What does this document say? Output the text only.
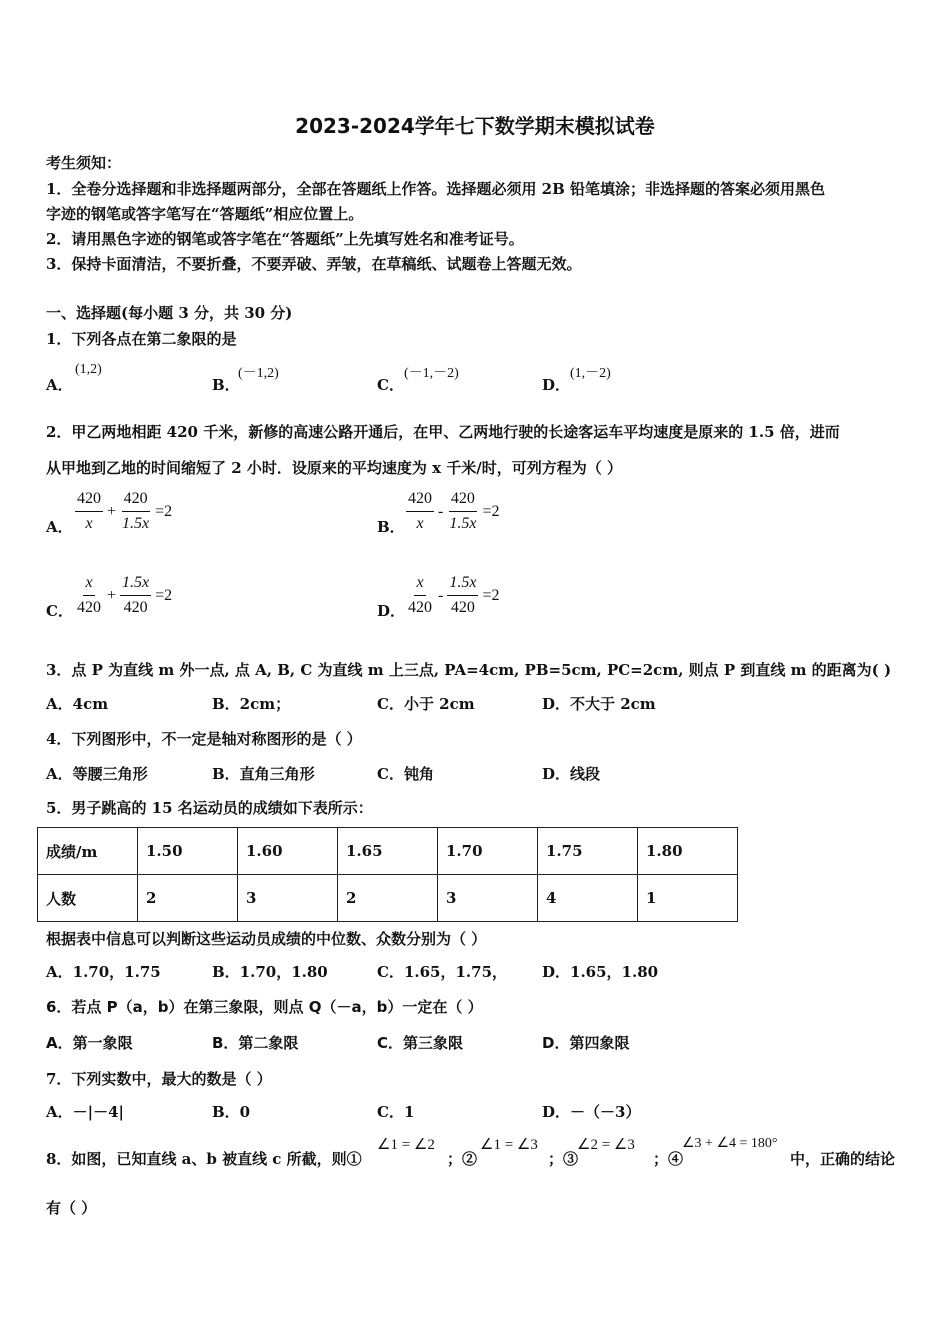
2023-2024学年七下数学期末模拟试卷
考生须知：
1．全卷分选择题和非选择题两部分，全部在答题纸上作答。选择题必须用 2B 铅笔填涂；非选择题的答案必须用黑色
字迹的钢笔或答字笔写在“答题纸”相应位置上。
2．请用黑色字迹的钢笔或答字笔在“答题纸”上先填写姓名和准考证号。
3．保持卡面清洁，不要折叠，不要弄破、弄皱，在草稿纸、试题卷上答题无效。
一、选择题(每小题 3 分，共 30 分)
1．下列各点在第二象限的是
A．
(1,2)
B．
(－1,2)
C．
(－1,－2)
D．
(1,－2)
2．甲乙两地相距 420 千米，新修的高速公路开通后，在甲、乙两地行驶的长途客运车平均速度是原来的 1.5 倍，进而
从甲地到乙地的时间缩短了 2 小时．设原来的平均速度为 x 千米/时，可列方程为（ ）
A． $\frac{420}{x} + \frac{420}{1.5x} =2$
B． $\frac{420}{x} - \frac{420}{1.5x} =2$
C． $\frac{x}{420} + \frac{1.5x}{420} =2$
D． $\frac{x}{420} - \frac{1.5x}{420} =2$
3．点 P 为直线 m 外一点, 点 A, B, C 为直线 m 上三点, PA=4cm, PB=5cm, PC=2cm, 则点 P 到直线 m 的距离为( )
A．4cm	B．2cm；	C．小于 2cm	D．不大于 2cm
4．下列图形中，不一定是轴对称图形的是（ ）
A．等腰三角形	B．直角三角形	C．钝角	D．线段
5．男子跳高的 15 名运动员的成绩如下表所示：
成绩/m	1.50	1.60	1.65	1.70	1.75	1.80
人数	2	3	2	3	4	1
根据表中信息可以判断这些运动员成绩的中位数、众数分别为（ ）
A．1.70，1.75	B．1.70，1.80	C．1.65，1.75， D．1.65，1.80
6．若点 P（a，b）在第三象限，则点 Q（－a，b）一定在（ ）
A．第一象限	B．第二象限	C．第三象限	D．第四象限
7．下列实数中，最大的数是（ ）
A．－|－4|	B．0	C．1	D．－（－3）
8．如图，已知直线 a、b 被直线 c 所截，则①
∠1 = ∠2
；②
∠1 = ∠3
；③
∠2 = ∠3
；④
∠3 + ∠4 = 180°
中，正确的结论
有（ ）
